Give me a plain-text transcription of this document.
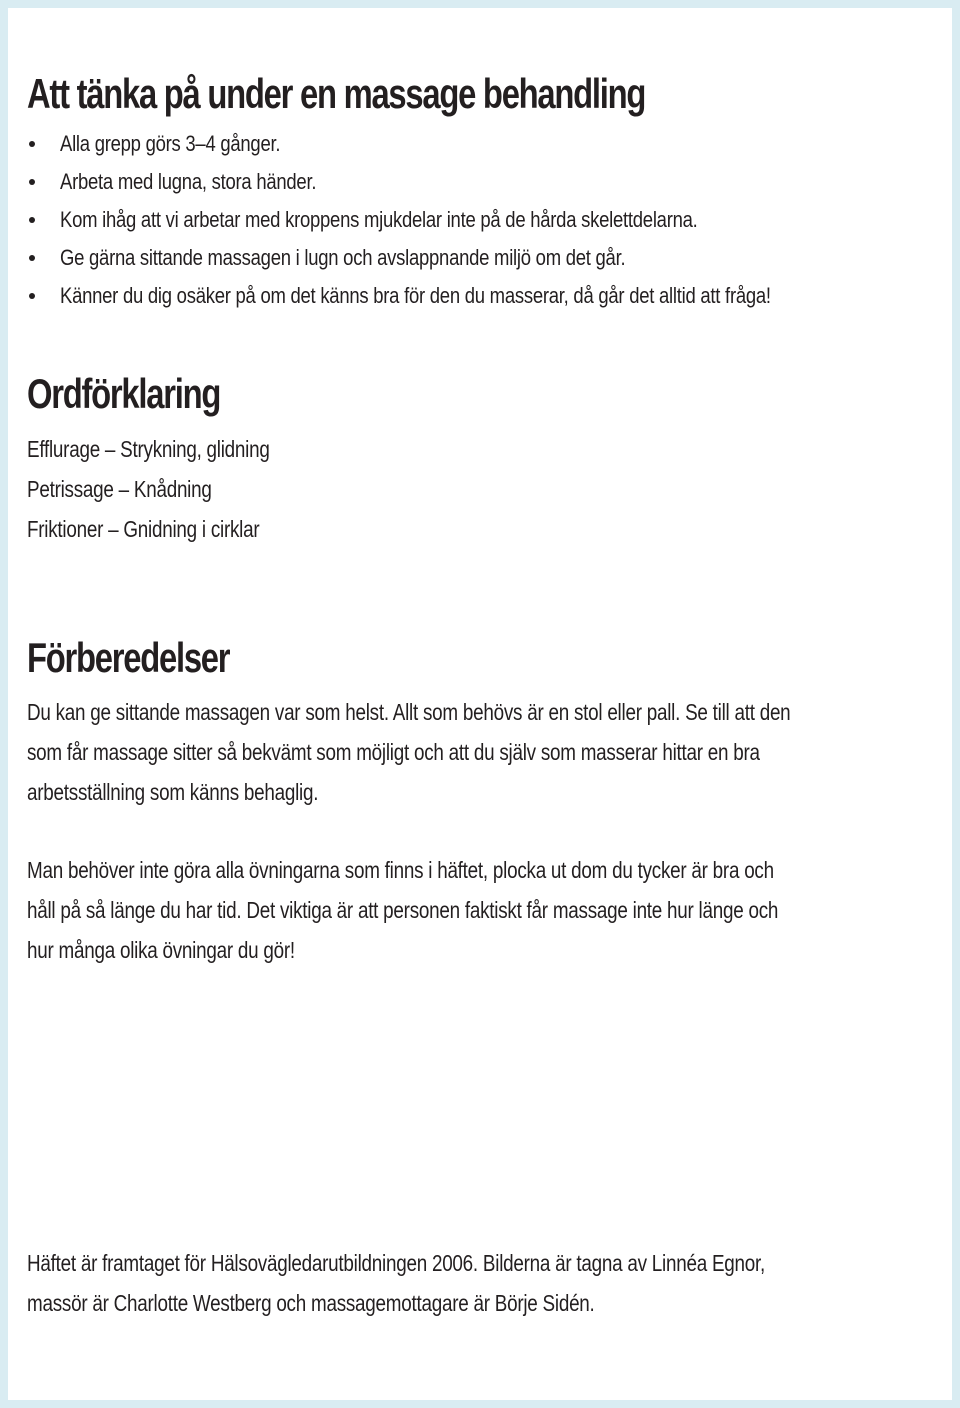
Att tänka på under en massage behandling
Alla grepp görs 3–4 gånger.
Arbeta med lugna, stora händer.
Kom ihåg att vi arbetar med kroppens mjukdelar inte på de hårda skelettdelarna.
Ge gärna sittande massagen i lugn och avslappnande miljö om det går.
Känner du dig osäker på om det känns bra för den du masserar, då går det alltid att fråga!
Ordförklaring
Efflurage – Strykning, glidning
Petrissage – Knådning
Friktioner – Gnidning i cirklar
Förberedelser
Du kan ge sittande massagen var som helst. Allt som behövs är en stol eller pall. Se till att den
som får massage sitter så bekvämt som möjligt och att du själv som masserar hittar en bra
arbetsställning som känns behaglig.
Man behöver inte göra alla övningarna som finns i häftet, plocka ut dom du tycker är bra och
håll på så länge du har tid. Det viktiga är att personen faktiskt får massage inte hur länge och
hur många olika övningar du gör!
Häftet är framtaget för Hälsovägledarutbildningen 2006. Bilderna är tagna av Linnéa Egnor,
massör är Charlotte Westberg och massagemottagare är Börje Sidén.
